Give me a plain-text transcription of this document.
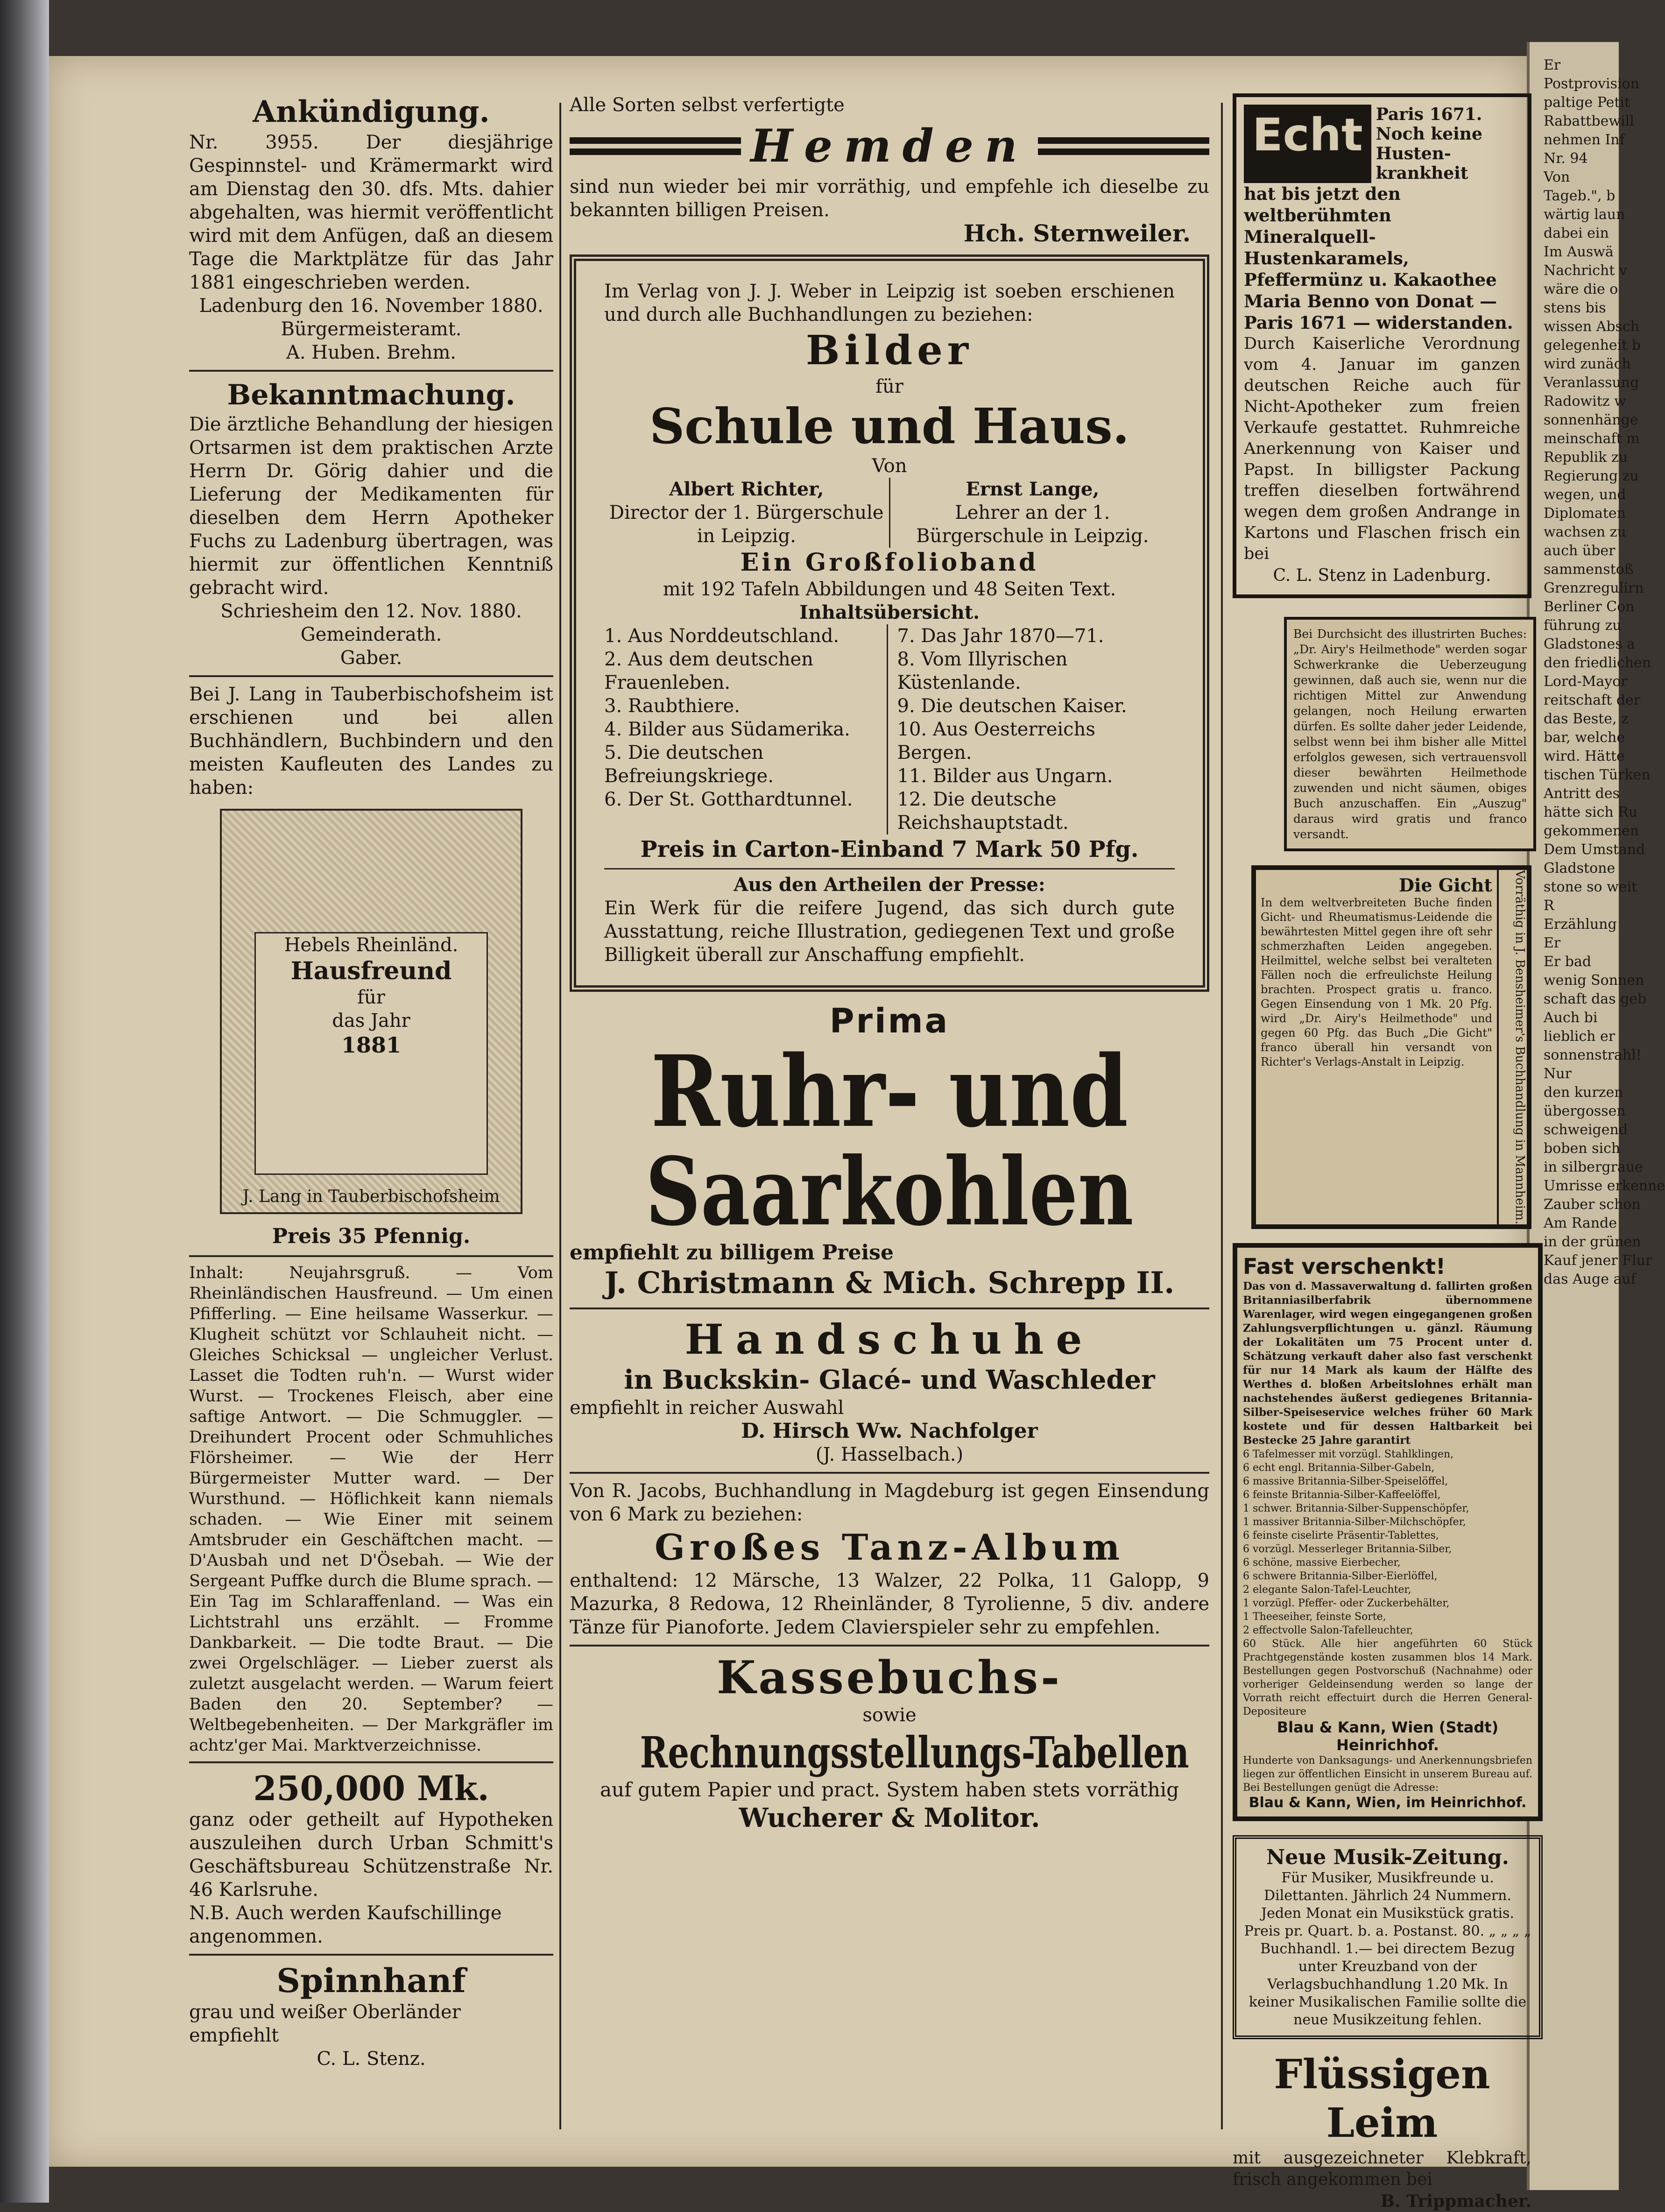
Er
Postprovision
paltige Petit
Rabattbewill
nehmen Inf
Nr. 94
Von
Tageb.", b
wärtig laun
dabei ein
Im Auswä
Nachricht v
wäre die o
stens bis
wissen Absch
gelegenheit b
wird zunäch
Veranlassung
Radowitz w
sonnenhänge
meinschaft m
Republik zu
Regierung zu
wegen, und
Diplomaten
wachsen zu
auch über
sammenstoß
Grenzregulirn
Berliner Con
führung zu
Gladstones a
den friedlichen
Lord-Mayor
reitschaft der
das Beste, z
bar, welche
wird. Hätte
tischen Türken
Antritt des
hätte sich Ru
gekommenen
Dem Umstand
Gladstone
stone so weit
R
Erzählung
Er
Er bad
wenig Sonnen
schaft das geb
Auch bi
lieblich er
sonnenstrahl!
Nur
den kurzen
übergossen
schweigend
boben sich
in silbergraue
Umrisse erkenne
Zauber schon
Am Rande
in der grünen
Kauf jener Flur
das Auge auf
Ankündigung.

Nr. 3955. Der diesjährige Gespinnstel- und Krämermarkt wird am Dienstag den 30. dfs. Mts. dahier abgehalten, was hiermit veröffentlicht wird mit dem Anfügen, daß an diesem Tage die Marktplätze für das Jahr 1881 eingeschrieben werden.

Ladenburg den 16. November 1880.

Bürgermeisteramt.

A. Huben. Brehm.

Bekanntmachung.

Die ärztliche Behandlung der hiesigen Ortsarmen ist dem praktischen Arzte Herrn Dr. Görig dahier und die Lieferung der Medikamenten für dieselben dem Herrn Apotheker Fuchs zu Ladenburg übertragen, was hiermit zur öffentlichen Kenntniß gebracht wird.

Schriesheim den 12. Nov. 1880.

Gemeinderath.

Gaber.

Bei J. Lang in Tauberbischofsheim ist erschienen und bei allen Buchhändlern, Buchbindern und den meisten Kaufleuten des Landes zu haben:

Hebels Rheinländ.

Hausfreund

für

das Jahr

1881

J. Lang in Tauberbischofsheim

Preis 35 Pfennig.

Inhalt: Neujahrsgruß. — Vom Rheinländischen Hausfreund. — Um einen Pfifferling. — Eine heilsame Wasserkur. — Klugheit schützt vor Schlauheit nicht. — Gleiches Schicksal — ungleicher Verlust. Lasset die Todten ruh'n. — Wurst wider Wurst. — Trockenes Fleisch, aber eine saftige Antwort. — Die Schmuggler. — Dreihundert Procent oder Schmuhliches Flörsheimer. — Wie der Herr Bürgermeister Mutter ward. — Der Wursthund. — Höflichkeit kann niemals schaden. — Wie Einer mit seinem Amtsbruder ein Geschäftchen macht. — D'Ausbah und net D'Ösebah. — Wie der Sergeant Puffke durch die Blume sprach. — Ein Tag im Schlaraffenland. — Was ein Lichtstrahl uns erzählt. — Fromme Dankbarkeit. — Die todte Braut. — Die zwei Orgelschläger. — Lieber zuerst als zuletzt ausgelacht werden. — Warum feiert Baden den 20. September? — Weltbegebenheiten. — Der Markgräfler im achtz'ger Mai. Marktverzeichnisse.

250,000 Mk.

ganz oder getheilt auf Hypotheken auszuleihen durch Urban Schmitt's Geschäftsbureau Schützenstraße Nr. 46 Karlsruhe.

N.B. Auch werden Kaufschillinge angenommen.

Spinnhanf

grau und weißer Oberländer empfiehlt

C. L. Stenz.

Alle Sorten selbst verfertigte

Hemden

sind nun wieder bei mir vorräthig, und empfehle ich dieselbe zu bekannten billigen Preisen.

Hch. Sternweiler.

Im Verlag von J. J. Weber in Leipzig ist soeben erschienen und durch alle Buchhandlungen zu beziehen:

Bilder

für

Schule und Haus.

Von

Albert Richter,

Director der 1. Bürgerschule in Leipzig.

Ernst Lange,

Lehrer an der 1. Bürgerschule in Leipzig.

Ein Großfolioband

mit 192 Tafeln Abbildungen und 48 Seiten Text.

Inhaltsübersicht.

1. Aus Norddeutschland.
2. Aus dem deutschen Frauenleben.
3. Raubthiere.
4. Bilder aus Südamerika.
5. Die deutschen Befreiungskriege.
6. Der St. Gotthardtunnel.
7. Das Jahr 1870—71.
8. Vom Illyrischen Küstenlande.
9. Die deutschen Kaiser.
10. Aus Oesterreichs Bergen.
11. Bilder aus Ungarn.
12. Die deutsche Reichshauptstadt.

Preis in Carton-Einband 7 Mark 50 Pfg.

Aus den Artheilen der Presse:

Ein Werk für die reifere Jugend, das sich durch gute Ausstattung, reiche Illustration, gediegenen Text und große Billigkeit überall zur Anschaffung empfiehlt.

Prima

Ruhr- und
Saarkohlen

empfiehlt zu billigem Preise

J. Christmann & Mich. Schrepp II.

Handschuhe

in Buckskin- Glacé- und Waschleder

empfiehlt in reicher Auswahl

D. Hirsch Ww. Nachfolger

(J. Hasselbach.)

Von R. Jacobs, Buchhandlung in Magdeburg ist gegen Einsendung von 6 Mark zu beziehen:

Großes Tanz-Album

enthaltend: 12 Märsche, 13 Walzer, 22 Polka, 11 Galopp, 9 Mazurka, 8 Redowa, 12 Rheinländer, 8 Tyrolienne, 5 div. andere Tänze für Pianoforte. Jedem Clavierspieler sehr zu empfehlen.

Kassebuchs-

sowie

Rechnungsstellungs-Tabellen

auf gutem Papier und pract. System haben stets vorräthig

Wucherer & Molitor.

Echt Paris 1671. Noch keine Husten-krankheit

hat bis jetzt den weltberühmten Mineralquell-Hustenkaramels, Pfeffermünz u. Kakaothee Maria Benno von Donat — Paris 1671 — widerstanden.

Durch Kaiserliche Verordnung vom 4. Januar im ganzen deutschen Reiche auch für Nicht-Apotheker zum freien Verkaufe gestattet. Ruhmreiche Anerkennung von Kaiser und Papst. In billigster Packung treffen dieselben fortwährend wegen dem großen Andrange in Kartons und Flaschen frisch ein bei

C. L. Stenz in Ladenburg.

Bei Durchsicht des illustrirten Buches: „Dr. Airy's Heilmethode" werden sogar Schwerkranke die Ueberzeugung gewinnen, daß auch sie, wenn nur die richtigen Mittel zur Anwendung gelangen, noch Heilung erwarten dürfen. Es sollte daher jeder Leidende, selbst wenn bei ihm bisher alle Mittel erfolglos gewesen, sich vertrauensvoll dieser bewährten Heilmethode zuwenden und nicht säumen, obiges Buch anzuschaffen. Ein „Auszug" daraus wird gratis und franco versandt.

Die Gicht

In dem weltverbreiteten Buche finden Gicht- und Rheumatismus-Leidende die bewährtesten Mittel gegen ihre oft sehr schmerzhaften Leiden angegeben. Heilmittel, welche selbst bei veralteten Fällen noch die erfreulichste Heilung brachten. Prospect gratis u. franco. Gegen Einsendung von 1 Mk. 20 Pfg. wird „Dr. Airy's Heilmethode" und gegen 60 Pfg. das Buch „Die Gicht" franco überall hin versandt von Richter's Verlags-Anstalt in Leipzig.	Vorräthig in J. Bensheimer's Buchhandlung in Mannheim.

Fast verschenkt!

Das von d. Massaverwaltung d. fallirten großen Britanniasilberfabrik übernommene Warenlager, wird wegen eingegangenen großen Zahlungsverpflichtungen u. gänzl. Räumung der Lokalitäten um 75 Procent unter d. Schätzung verkauft daher also fast verschenkt für nur 14 Mark als kaum der Hälfte des Werthes d. bloßen Arbeitslohnes erhält man nachstehendes äußerst gediegenes Britannia-Silber-Speiseservice welches früher 60 Mark kostete und für dessen Haltbarkeit bei Bestecke 25 Jahre garantirt

6 Tafelmesser mit vorzügl. Stahlklingen,
6 echt engl. Britannia-Silber-Gabeln,
6 massive Britannia-Silber-Speiselöffel,
6 feinste Britannia-Silber-Kaffeelöffel,
1 schwer. Britannia-Silber-Suppenschöpfer,
1 massiver Britannia-Silber-Milchschöpfer,
6 feinste ciselirte Präsentir-Tablettes,
6 vorzügl. Messerleger Britannia-Silber,
6 schöne, massive Eierbecher,
6 schwere Britannia-Silber-Eierlöffel,
2 elegante Salon-Tafel-Leuchter,
1 vorzügl. Pfeffer- oder Zuckerbehälter,
1 Theeseiher, feinste Sorte,
2 effectvolle Salon-Tafelleuchter,

60 Stück. Alle hier angeführten 60 Stück Prachtgegenstände kosten zusammen blos 14 Mark. Bestellungen gegen Postvorschuß (Nachnahme) oder vorheriger Geldeinsendung werden so lange der Vorrath reicht effectuirt durch die Herren General-Depositeure

Blau & Kann, Wien (Stadt) Heinrichhof.

Hunderte von Danksagungs- und Anerkennungsbriefen liegen zur öffentlichen Einsicht in unserem Bureau auf. Bei Bestellungen genügt die Adresse:

Blau & Kann, Wien, im Heinrichhof.

Neue Musik-Zeitung.

Für Musiker, Musikfreunde u. Dilettanten. Jährlich 24 Nummern. Jeden Monat ein Musikstück gratis. Preis pr. Quart. b. a. Postanst. 80. „ „ „ „ Buchhandl. 1.— bei directem Bezug unter Kreuzband von der Verlagsbuchhandlung 1.20 Mk. In keiner Musikalischen Familie sollte die neue Musikzeitung fehlen.

Flüssigen Leim

mit ausgezeichneter Klebkraft, frisch angekommen bei

B. Trippmacher.
